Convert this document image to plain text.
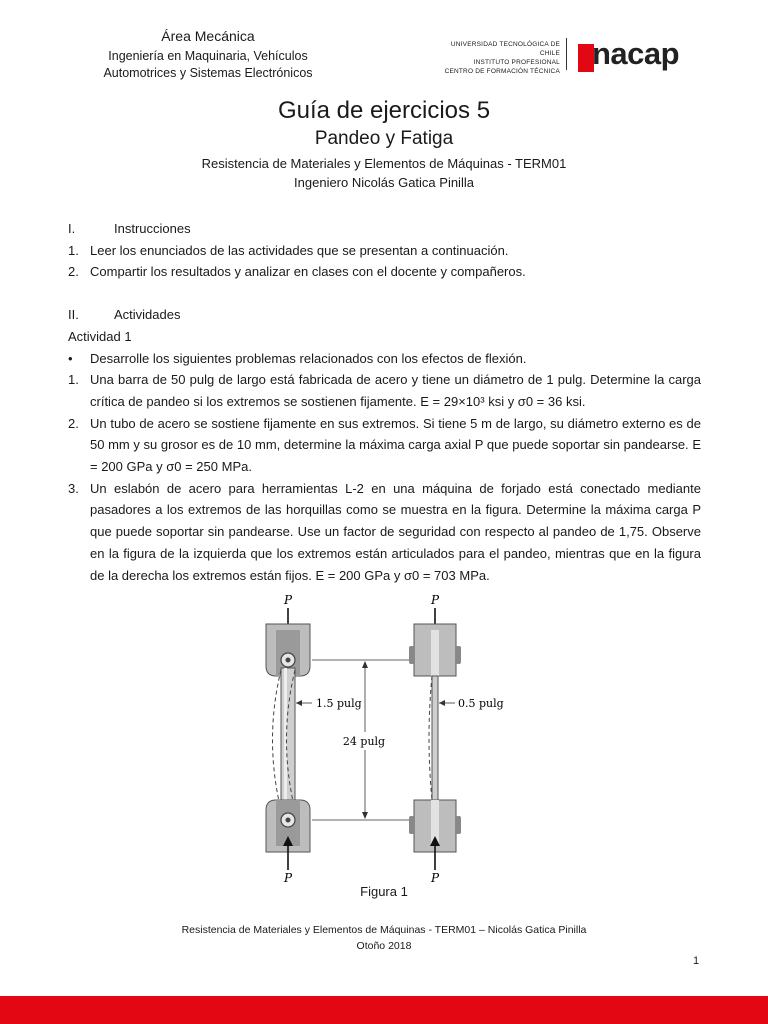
Área Mecánica
Ingeniería en Maquinaria, Vehículos
Automotrices y Sistemas Electrónicos
UNIVERSIDAD TECNOLÓGICA DE CHILE
INSTITUTO PROFESIONAL
CENTRO DE FORMACIÓN TÉCNICA
nacap
Guía de ejercicios 5
Pandeo y Fatiga
Resistencia de Materiales y Elementos de Máquinas - TERM01
Ingeniero Nicolás Gatica Pinilla
I.	Instrucciones
1. Leer los enunciados de las actividades que se presentan a continuación.
2. Compartir los resultados y analizar en clases con el docente y compañeros.
II.	Actividades
Actividad 1
•	Desarrolle los siguientes problemas relacionados con los efectos de flexión.
1. Una barra de 50 pulg de largo está fabricada de acero y tiene un diámetro de 1 pulg. Determine la carga crítica de pandeo si los extremos se sostienen fijamente. E = 29×10³ ksi y σ0 = 36 ksi.
2. Un tubo de acero se sostiene fijamente en sus extremos. Si tiene 5 m de largo, su diámetro externo es de 50 mm y su grosor es de 10 mm, determine la máxima carga axial P que puede soportar sin pandearse. E = 200 GPa y σ0 = 250 MPa.
3. Un eslabón de acero para herramientas L-2 en una máquina de forjado está conectado mediante pasadores a los extremos de las horquillas como se muestra en la figura. Determine la máxima carga P que puede soportar sin pandearse. Use un factor de seguridad con respecto al pandeo de 1,75. Observe en la figura de la izquierda que los extremos están articulados para el pandeo, mientras que en la figura de la derecha los extremos están fijos. E = 200 GPa y σ0 = 703 MPa.
P
P
1.5 pulg
24 pulg
P
P
0.5 pulg
Figura 1
Resistencia de Materiales y Elementos de Máquinas - TERM01 – Nicolás Gatica Pinilla
Otoño 2018
1
